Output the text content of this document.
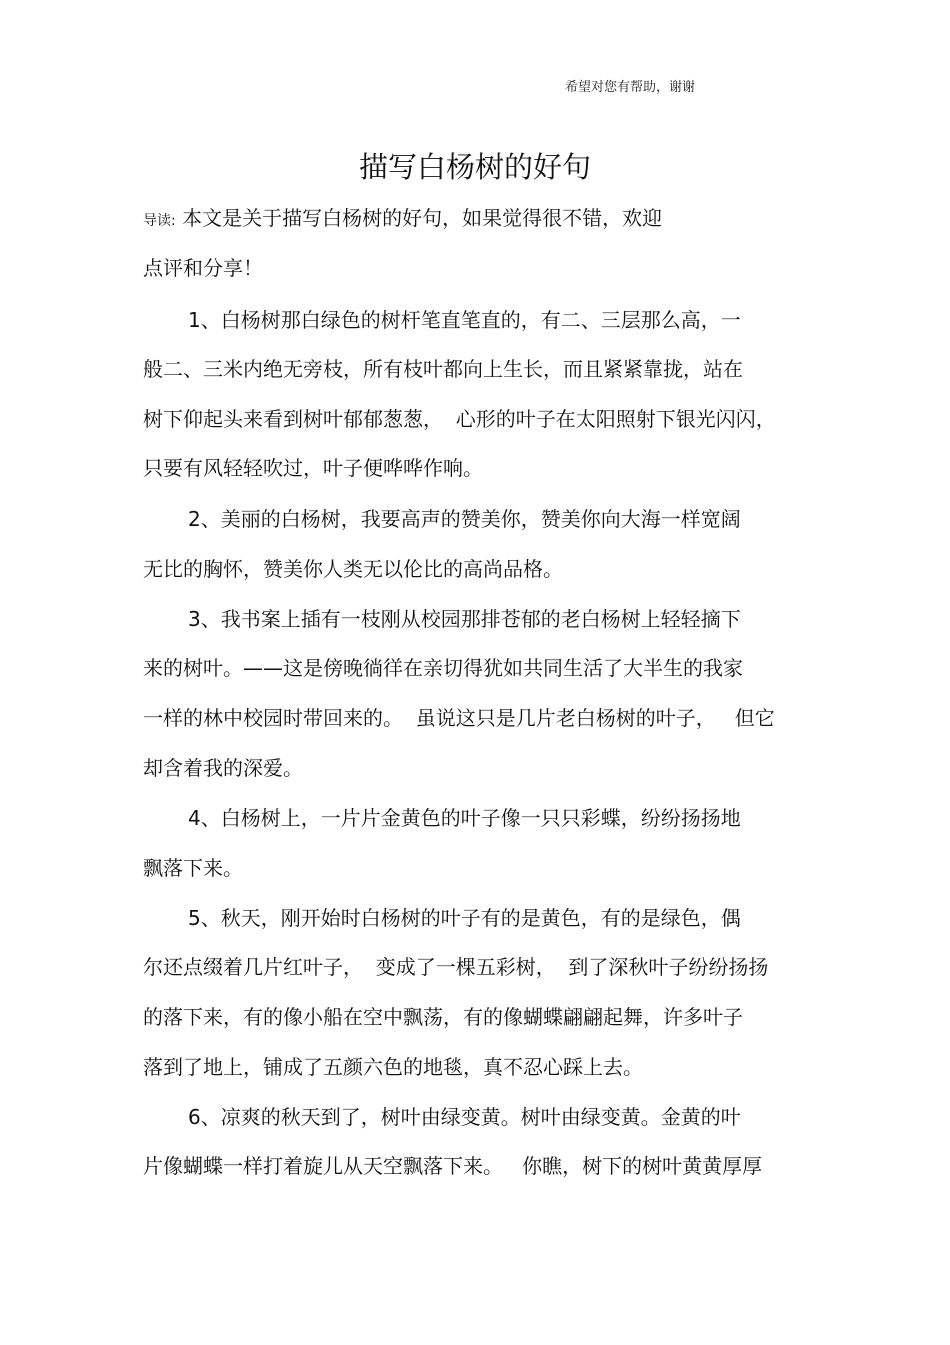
希望对您有帮助，谢谢
描写白杨树的好句
导读: 本文是关于描写白杨树的好句，如果觉得很不错，欢迎
点评和分享！
1、白杨树那白绿色的树杆笔直笔直的，有二、三层那么高，一
般二、三米内绝无旁枝，所有枝叶都向上生长，而且紧紧靠拢，站在
树下仰起头来看到树叶郁郁葱葱，  心形的叶子在太阳照射下银光闪闪，
只要有风轻轻吹过，叶子便哗哗作响。
2、美丽的白杨树，我要高声的赞美你，赞美你向大海一样宽阔
无比的胸怀，赞美你人类无以伦比的高尚品格。
3、我书案上插有一枝刚从校园那排苍郁的老白杨树上轻轻摘下
来的树叶。——这是傍晚徜徉在亲切得犹如共同生活了大半生的我家
一样的林中校园时带回来的。  虽说这只是几片老白杨树的叶子，   但它
却含着我的深爱。
4、白杨树上，一片片金黄色的叶子像一只只彩蝶，纷纷扬扬地
飘落下来。
5、秋天，刚开始时白杨树的叶子有的是黄色，有的是绿色，偶
尔还点缀着几片红叶子，  变成了一棵五彩树，  到了深秋叶子纷纷扬扬
的落下来，有的像小船在空中飘荡，有的像蝴蝶翩翩起舞，许多叶子
落到了地上，铺成了五颜六色的地毯，真不忍心踩上去。
6、凉爽的秋天到了，树叶由绿变黄。树叶由绿变黄。金黄的叶
片像蝴蝶一样打着旋儿从天空飘落下来。   你瞧，树下的树叶黄黄厚厚
